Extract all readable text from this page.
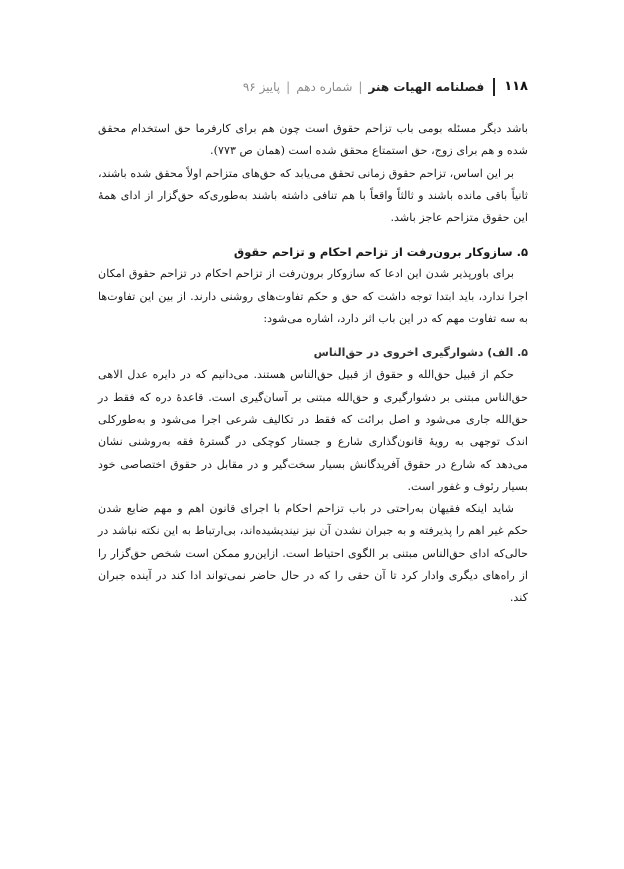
۱۱۸
فصلنامه الهیات هنر
|
شماره دهم
|
پاییز ۹۶

باشد دیگر مسئله بومی باب تزاحم حقوق است چون هم برای کارفرما حق استخدام محقق شده و هم برای زوج، حق استمتاع محقق شده است (همان ص ۷۷۳).

بر این اساس، تزاحم حقوق زمانی تحقق می‌یابد که حق‌های متزاحم اولاً محقق شده باشند، ثانیاً باقی مانده باشند و ثالثاً واقعاً با هم تنافی داشته باشند به‌طوری‌که حق‌گزار از ادای همهٔ این حقوق متزاحم عاجز باشد.

۵. سازوکار برون‌رفت از تزاحم احکام و تزاحم حقوق

برای باورپذیر شدن این ادعا که سازوکار برون‌رفت از تزاحم احکام در تزاحم حقوق امکان اجرا ندارد، باید ابتدا توجه داشت که حق و حکم تفاوت‌های روشنی دارند. از بین این تفاوت‌ها به سه تفاوت مهم که در این باب اثر دارد، اشاره می‌شود:

۵. الف) دشوارگیری اخروی در حق‌الناس

حکم از قبیل حق‌الله و حقوق از قبیل حق‌الناس هستند. می‌دانیم که در دایره عدل الاهی حق‌الناس مبتنی بر دشوارگیری و حق‌الله مبتنی بر آسان‌گیری است. قاعدهٔ دره که فقط در حق‌الله جاری می‌شود و اصل برائت که فقط در تکالیف شرعی اجرا می‌شود و به‌طورکلی اندک توجهی به رویهٔ قانون‌گذاری شارع و جستار کوچکی در گسترهٔ فقه به‌روشنی نشان می‌دهد که شارع در حقوق آفریدگانش بسیار سخت‌گیر و در مقابل در حقوق اختصاصی خود بسیار رئوف و غفور است.

شاید اینکه فقیهان به‌راحتی در باب تزاحم احکام با اجرای قانون اهم و مهم ضایع شدن حکم غیر اهم را پذیرفته و به جبران نشدن آن نیز نیندیشیده‌اند، بی‌ارتباط به این نکته نباشد در حالی‌که ادای حق‌الناس مبتنی بر الگوی احتیاط است. ازاین‌رو ممکن است شخص حق‌گزار را از راه‌های دیگری وادار کرد تا آن حقی را که در حال حاضر نمی‌تواند ادا کند در آینده جبران کند.
